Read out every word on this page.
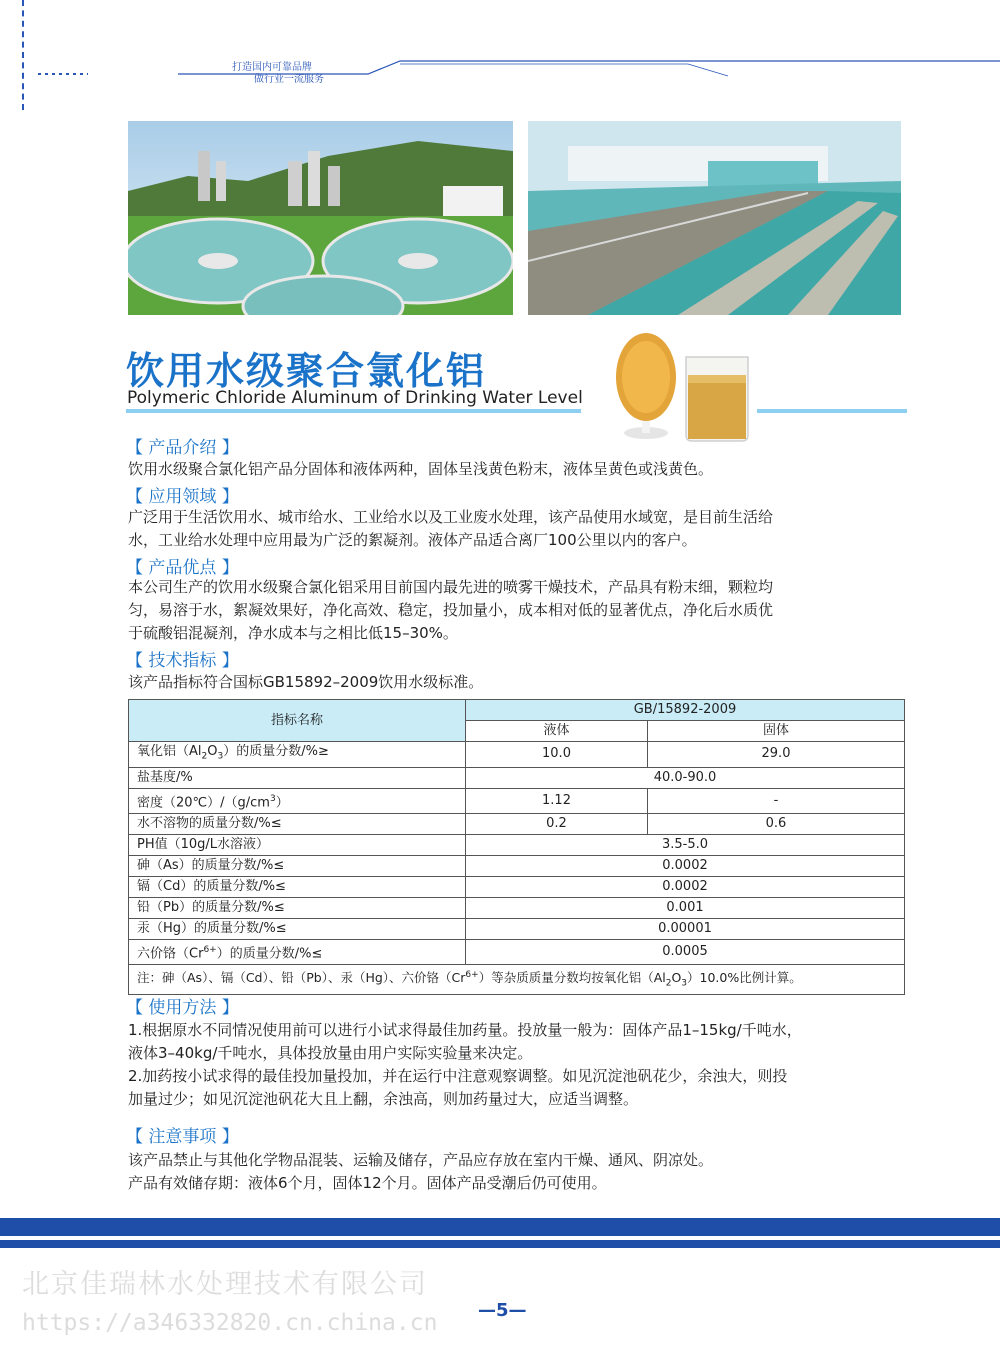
打造国内可靠品牌
做行业一流服务
饮用水级聚合氯化铝
Polymeric Chloride Aluminum of Drinking Water Level
【 产品介绍 】
饮用水级聚合氯化铝产品分固体和液体两种，固体呈浅黄色粉末，液体呈黄色或浅黄色。
【 应用领域 】
广泛用于生活饮用水、城市给水、工业给水以及工业废水处理，该产品使用水域宽，是目前生活给
水，工业给水处理中应用最为广泛的絮凝剂。液体产品适合离厂100公里以内的客户。
【 产品优点 】
本公司生产的饮用水级聚合氯化铝采用目前国内最先进的喷雾干燥技术，产品具有粉末细，颗粒均
匀，易溶于水，絮凝效果好，净化高效、稳定，投加量小，成本相对低的显著优点，净化后水质优
于硫酸铝混凝剂，净水成本与之相比低15–30%。
【 技术指标 】
该产品指标符合国标GB15892–2009饮用水级标准。
指标名称	GB/15892-2009	
	液体	固体
氧化铝$(Al_2O_3)$的质量分数/%≥	10.0	29.0
盐基度/%	40.0-90.0	
密度$(20℃)/(g/cm^3)$	1.12	-
水不溶物的质量分数/%≤	0.2	0.6
PH值（10g/L水溶液）	3.5-5.0	
砷（As）的质量分数/%≤	0.0002	
镉（Cd）的质量分数/%≤	0.0002	
铅（Pb）的质量分数/%≤	0.001	
汞（Hg）的质量分数/%≤	0.00001	
六价铬$(Cr^{6+})$的质量分数/%≤	0.0005	
注：砷（As）、镉（Cd）、铅（Pb）、汞（Hg）、六价铬$(Cr^{6+})$等杂质质量分数均按氧化铝$(Al_2O_3)10.0\%$比例计算。		
【 使用方法 】
1.根据原水不同情况使用前可以进行小试求得最佳加药量。投放量一般为：固体产品1–15kg/千吨水，
液体3–40kg/千吨水，具体投放量由用户实际实验量来决定。
2.加药按小试求得的最佳投加量投加，并在运行中注意观察调整。如见沉淀池矾花少，余浊大，则投
加量过少；如见沉淀池矾花大且上翻，余浊高，则加药量过大，应适当调整。
【 注意事项 】
该产品禁止与其他化学物品混装、运输及储存，产品应存放在室内干燥、通风、阴凉处。
产品有效储存期：液体6个月，固体12个月。固体产品受潮后仍可使用。
北京佳瑞林水处理技术有限公司
—5—
https://a346332820.cn.china.cn
